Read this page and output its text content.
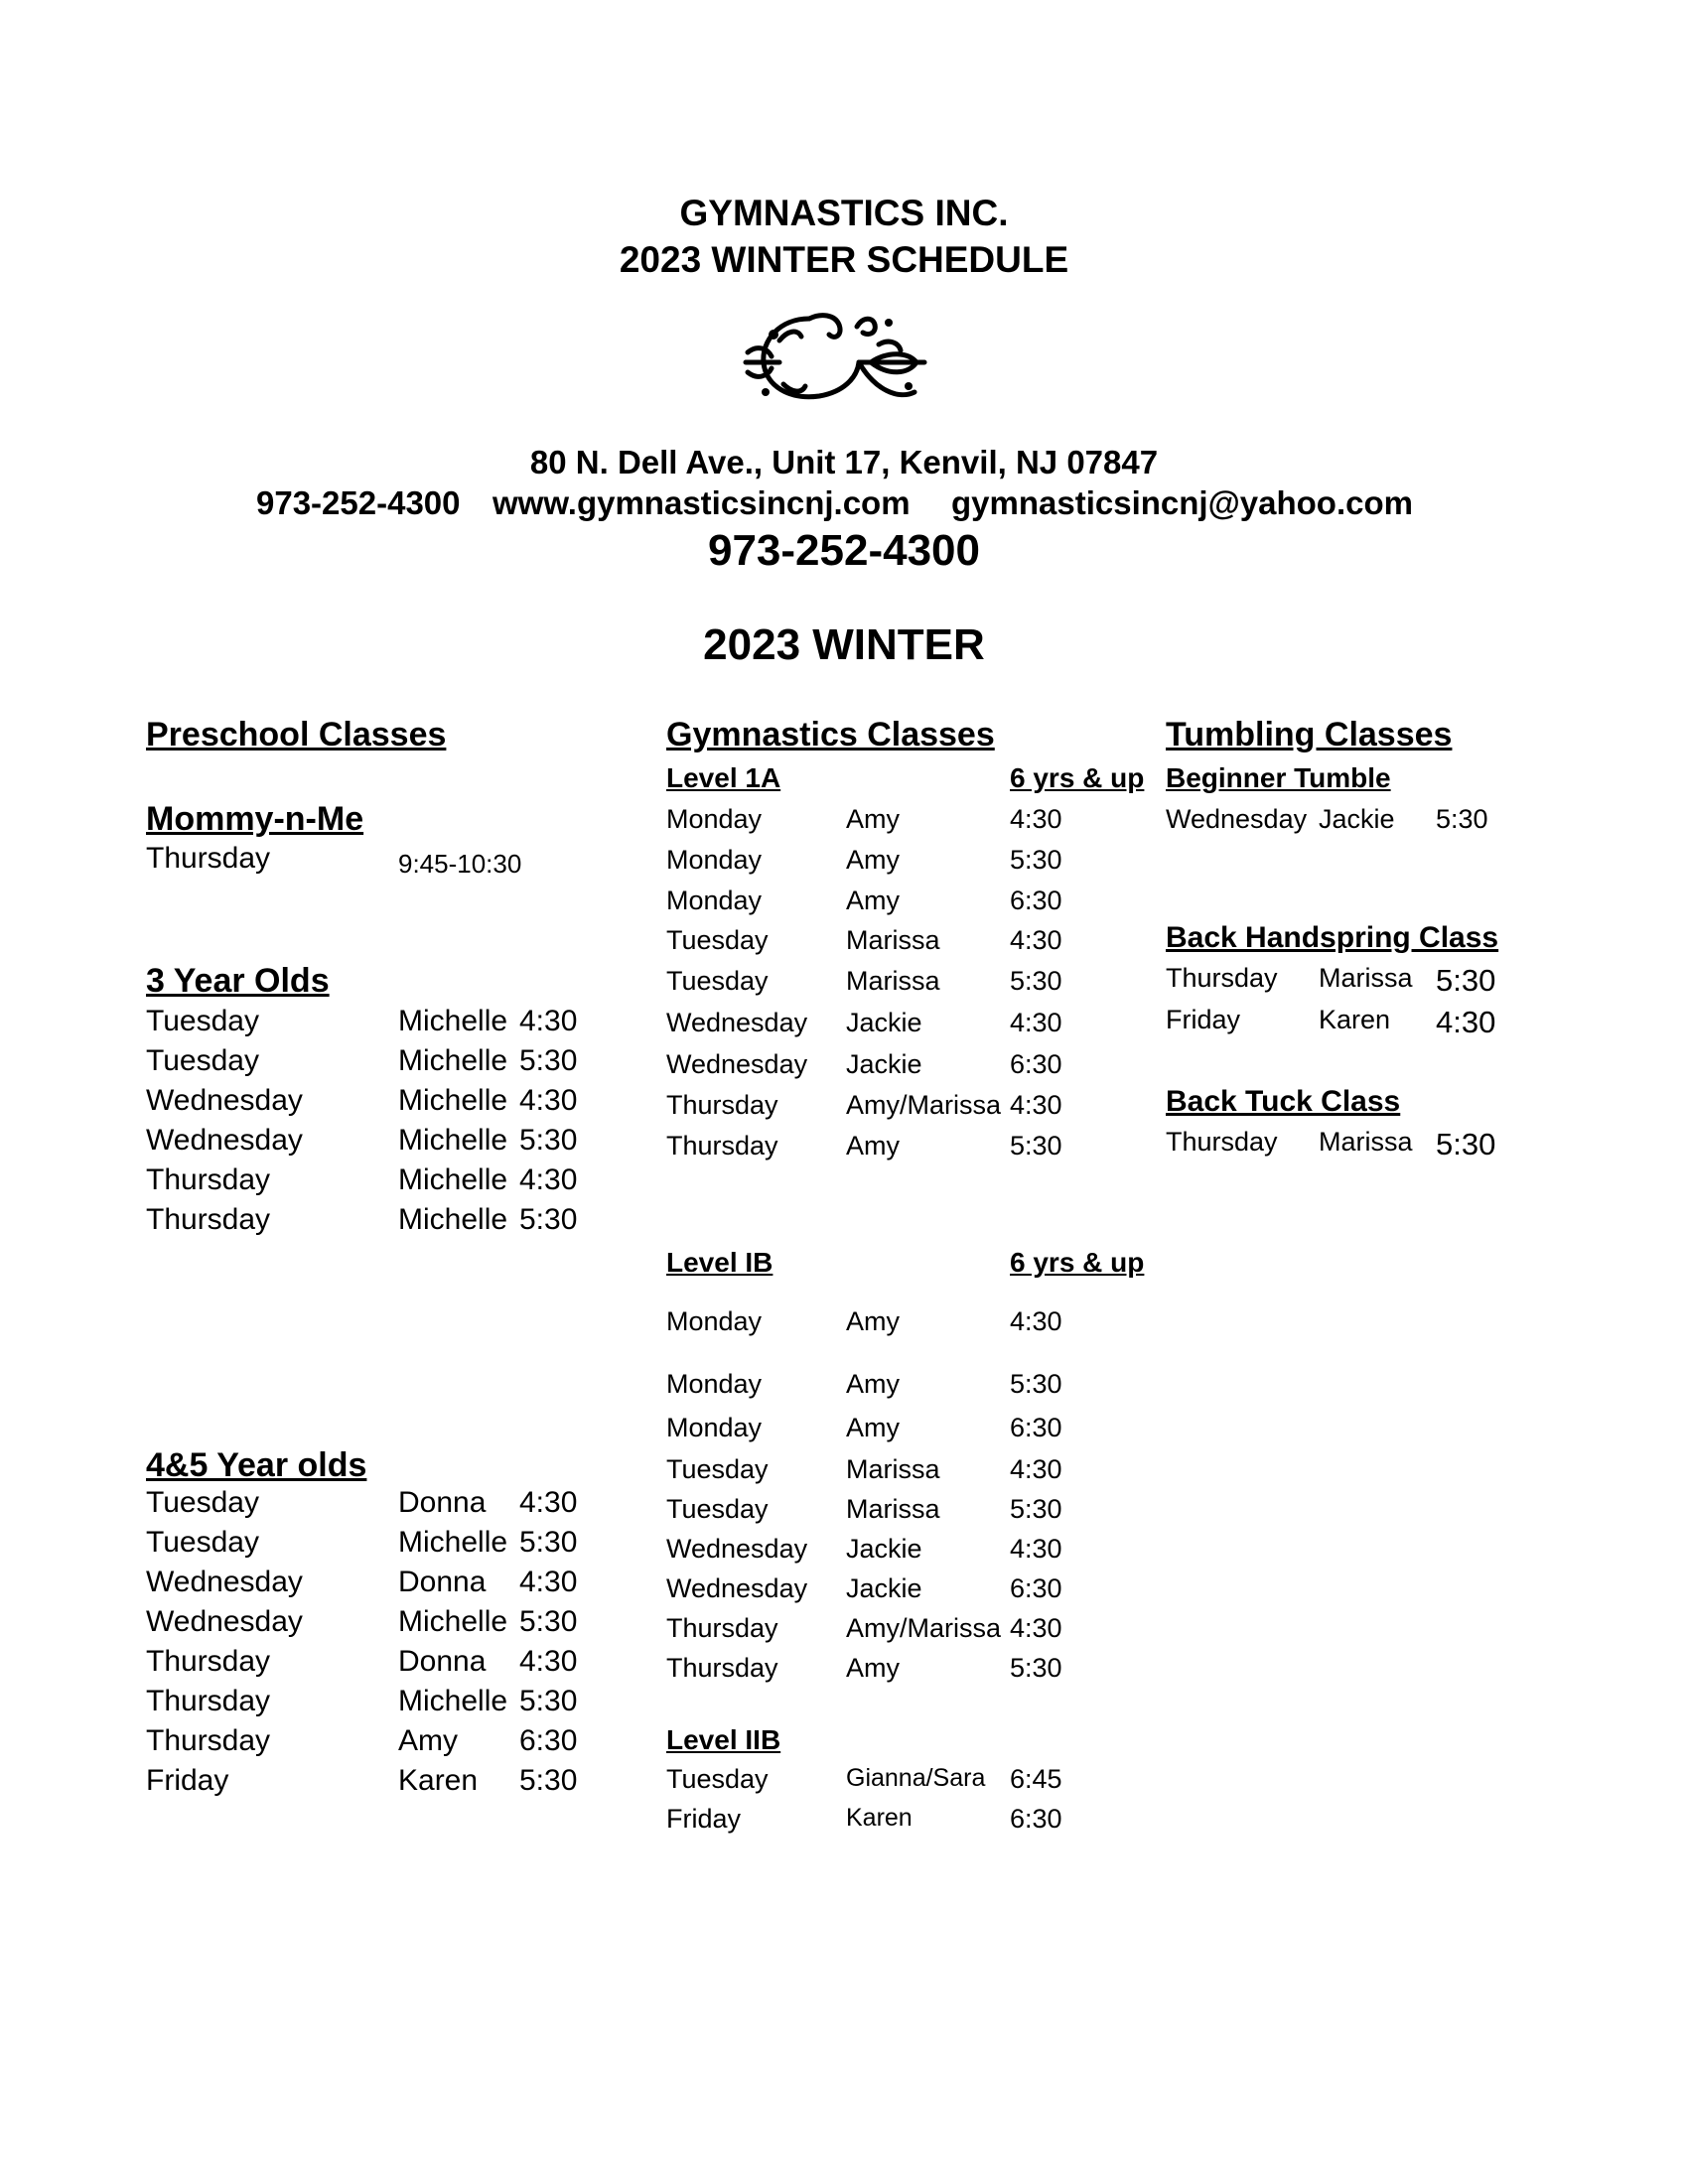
GYMNASTICS INC.
2023 WINTER SCHEDULE
80 N. Dell Ave., Unit 17, Kenvil, NJ 07847
973-252-4300 www.gymnasticsincnj.com gymnasticsincnj@yahoo.com
973-252-4300
2023 WINTER
Preschool Classes
Mommy-n-Me
Thursday	9:45-10:30
3 Year Olds
Tuesday	Michelle 4:30
Tuesday	Michelle 5:30
Wednesday	Michelle 4:30
Wednesday	Michelle 5:30
Thursday	Michelle 4:30
Thursday	Michelle 5:30
4&5 Year olds
Tuesday	Donna 4:30
Tuesday	Michelle 5:30
Wednesday	Donna 4:30
Wednesday	Michelle 5:30
Thursday	Donna 4:30
Thursday	Michelle 5:30
Thursday	Amy 6:30
Friday	Karen 5:30
Gymnastics Classes
Level 1A	6 yrs & up
Monday	Amy	4:30
Monday	Amy	5:30
Monday	Amy	6:30
Tuesday	Marissa	4:30
Tuesday	Marissa	5:30
Wednesday Jackie	4:30
Wednesday Jackie	6:30
Thursday	Amy/Marissa 4:30
Thursday	Amy	5:30
Level IB	6 yrs & up
Monday	Amy	4:30
Monday	Amy	5:30
Monday	Amy	6:30
Tuesday	Marissa	4:30
Tuesday	Marissa	5:30
Wednesday Jackie	4:30
Wednesday Jackie	6:30
Thursday	Amy/Marissa 4:30
Thursday	Amy	5:30
Level IIB
Tuesday	Gianna/Sara 6:45
Friday	Karen	6:30
Tumbling Classes
Beginner Tumble
Wednesday Jackie 5:30
Back Handspring Class
Thursday Marissa 5:30
Friday	Karen 4:30
Back Tuck Class
Thursday Marissa 5:30
